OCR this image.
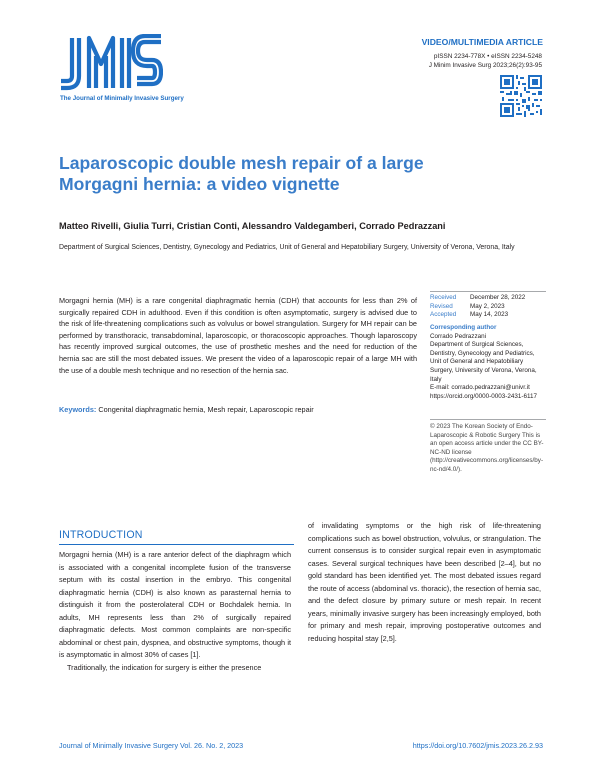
The Journal of Minimally Invasive Surgery
VIDEO/MULTIMEDIA ARTICLE
pISSN 2234-778X • eISSN 2234-5248
J Minim Invasive Surg 2023;26(2):93-95
Laparoscopic double mesh repair of a large
Morgagni hernia: a video vignette
Matteo Rivelli, Giulia Turri, Cristian Conti, Alessandro Valdegamberi, Corrado Pedrazzani
Department of Surgical Sciences, Dentistry, Gynecology and Pediatrics, Unit of General and Hepatobiliary Surgery, University of Verona, Verona, Italy
Morgagni hernia (MH) is a rare congenital diaphragmatic hernia (CDH) that accounts for less than 2% of surgically repaired CDH in adulthood. Even if this condition is often asymptomatic, surgery is advised due to the risk of life-threatening complications such as volvulus or bowel strangulation. Surgery for MH repair can be performed by transthoracic, transabdominal, laparoscopic, or thoracoscopic approaches. Though laparoscopy has recently improved surgical outcomes, the use of prosthetic meshes and the need for reduction of the hernia sac are still the most debated issues. We present the video of a laparoscopic repair of a large MH with the use of a double mesh technique and no resection of the hernia sac.
Keywords: Congenital diaphragmatic hernia, Mesh repair, Laparoscopic repair
Received	December 28, 2022
Revised	May 2, 2023
Accepted	May 14, 2023
Corresponding author
Corrado Pedrazzani
Department of Surgical Sciences, Dentistry, Gynecology and Pediatrics, Unit of General and Hepatobiliary Surgery, University of Verona, Verona, Italy
E-mail: corrado.pedrazzani@univr.it
https://orcid.org/0000-0003-2431-6117
© 2023 The Korean Society of Endo-Laparoscopic & Robotic Surgery This is an open access article under the CC BY-NC-ND license (http://creativecommons.org/licenses/by-nc-nd/4.0/).
INTRODUCTION

Morgagni hernia (MH) is a rare anterior defect of the diaphragm which is associated with a congenital incomplete fusion of the transverse septum with its costal insertion in the embryo. This congenital diaphragmatic hernia (CDH) is also known as parasternal hernia to distinguish it from the posterolateral CDH or Bochdalek hernia. In adults, MH represents less than 2% of surgically repaired diaphragmatic defects. Most common complaints are non-specific abdominal or chest pain, dyspnea, and obstructive symptoms, though it is asymptomatic in almost 30% of cases [1].

Traditionally, the indication for surgery is either the presence

of invalidating symptoms or the high risk of life-threatening complications such as bowel obstruction, volvulus, or strangulation. The current consensus is to consider surgical repair even in asymptomatic cases. Several surgical techniques have been described [2–4], but no gold standard has been identified yet. The most debated issues regard the route of access (abdominal vs. thoracic), the resection of hernia sac, and the defect closure by primary suture or mesh repair. In recent years, minimally invasive surgery has been increasingly employed, both for primary and mesh repair, improving postoperative outcomes and reducing hospital stay [2,5].

Journal of Minimally Invasive Surgery Vol. 26. No. 2, 2023	https://doi.org/10.7602/jmis.2023.26.2.93
